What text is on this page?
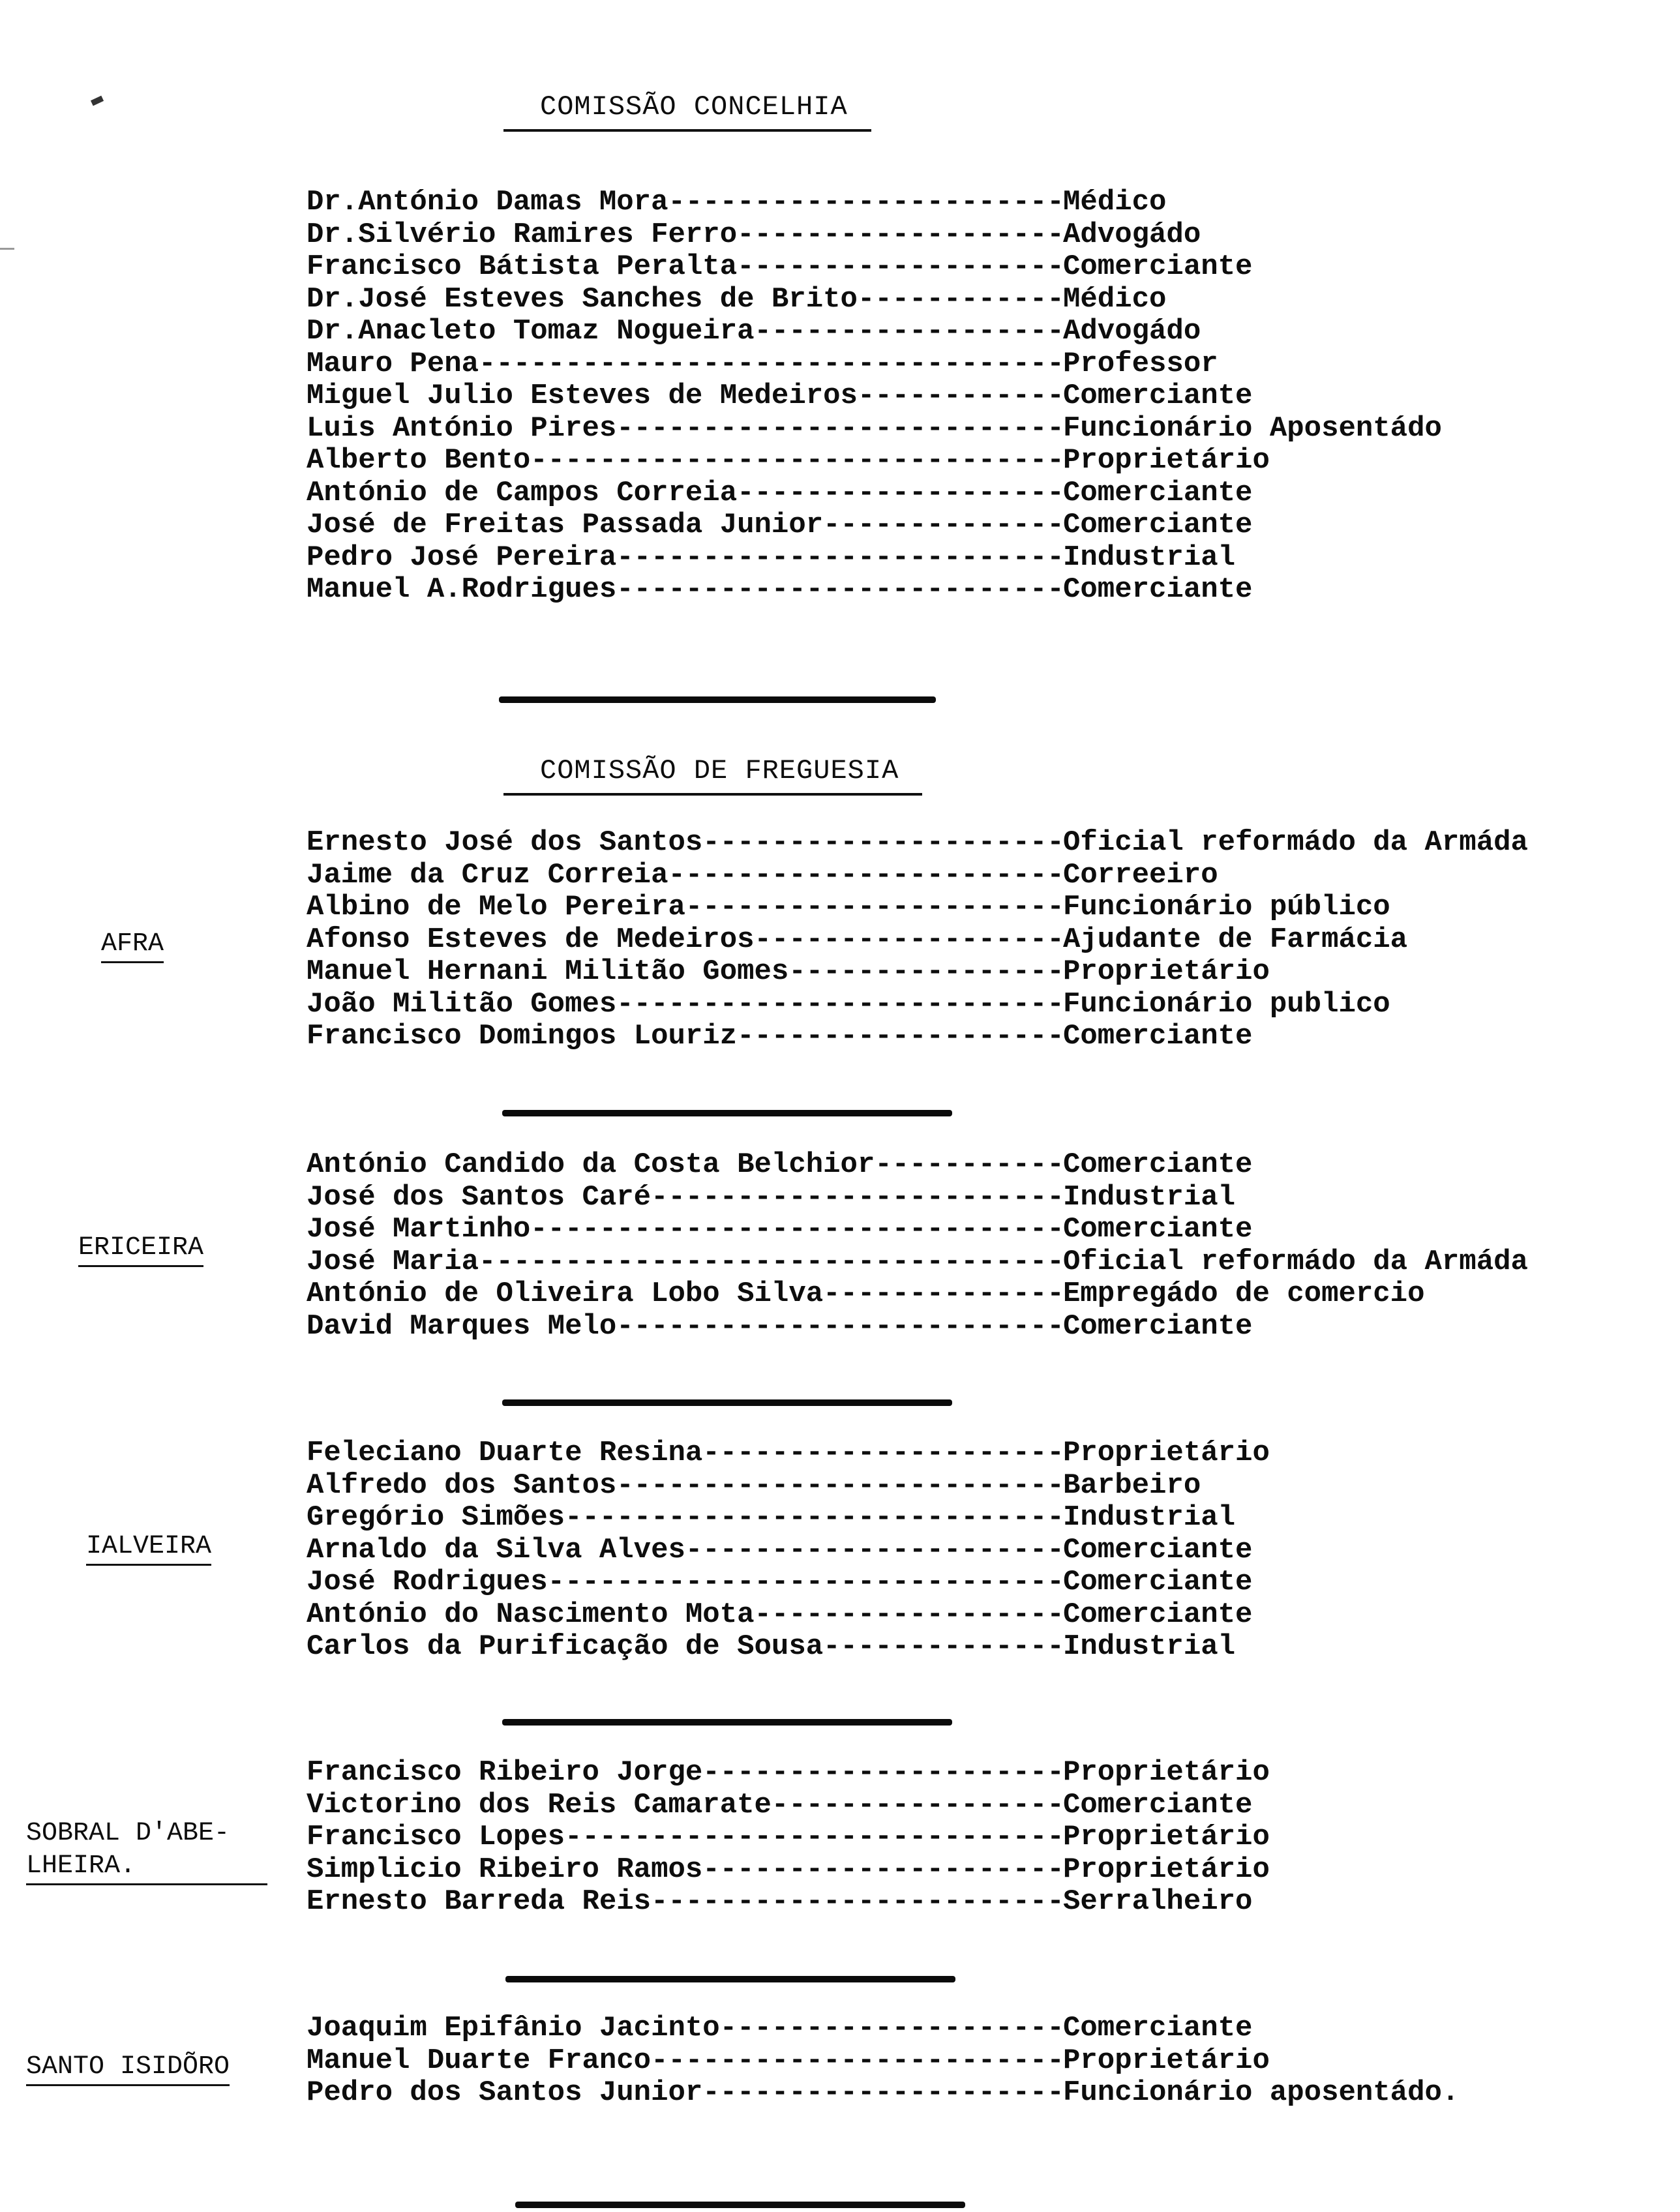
COMISSÃO CONCELHIA
Dr.António Damas Mora -----	Médico
Dr.Silvério Ramires Ferro -----	Advogádo
Francisco Bátista Peralta -----	Comerciante
Dr.José Esteves Sanches de Brito -----	Médico
Dr.Anacleto Tomaz Nogueira -----	Advogádo
Mauro Pena -----	Professor
Miguel Julio Esteves de Medeiros -----	Comerciante
Luis António Pires -----	Funcionário Aposentádo
Alberto Bento -----	Proprietário
António de Campos Correia -----	Comerciante
José de Freitas Passada Junior -----	Comerciante
Pedro José Pereira -----	Industrial
Manuel A.Rodrigues -----	Comerciante
COMISSÃO DE FREGUESIA
AFRA
Ernesto José dos Santos -----	Oficial reformádo da Armáda
Jaime da Cruz Correia -----	Correeiro
Albino de Melo Pereira -----	Funcionário público
Afonso Esteves de Medeiros -----	Ajudante de Farmácia
Manuel Hernani Militão Gomes -----	Proprietário
João Militão Gomes -----	Funcionário publico
Francisco Domingos Louriz -----	Comerciante
ERICEIRA
António Candido da Costa Belchior -----	Comerciante
José dos Santos Caré -----	Industrial
José Martinho -----	Comerciante
José Maria -----	Oficial reformádo da Armáda
António de Oliveira Lobo Silva -----	Empregádo de comercio
David Marques Melo -----	Comerciante
IALVEIRA
Feleciano Duarte Resina -----	Proprietário
Alfredo dos Santos -----	Barbeiro
Gregório Simões -----	Industrial
Arnaldo da Silva Alves -----	Comerciante
José Rodrigues -----	Comerciante
António do Nascimento Mota -----	Comerciante
Carlos da Purificação de Sousa -----	Industrial
SOBRAL D'ABE-
LHEIRA.
Francisco Ribeiro Jorge -----	Proprietário
Victorino dos Reis Camarate -----	Comerciante
Francisco Lopes -----	Proprietário
Simplicio Ribeiro Ramos -----	Proprietário
Ernesto Barreda Reis -----	Serralheiro
SANTO ISIDÕRO
Joaquim Epifânio Jacinto -----	Comerciante
Manuel Duarte Franco -----	Proprietário
Pedro dos Santos Junior -----	Funcionário aposentádo.
